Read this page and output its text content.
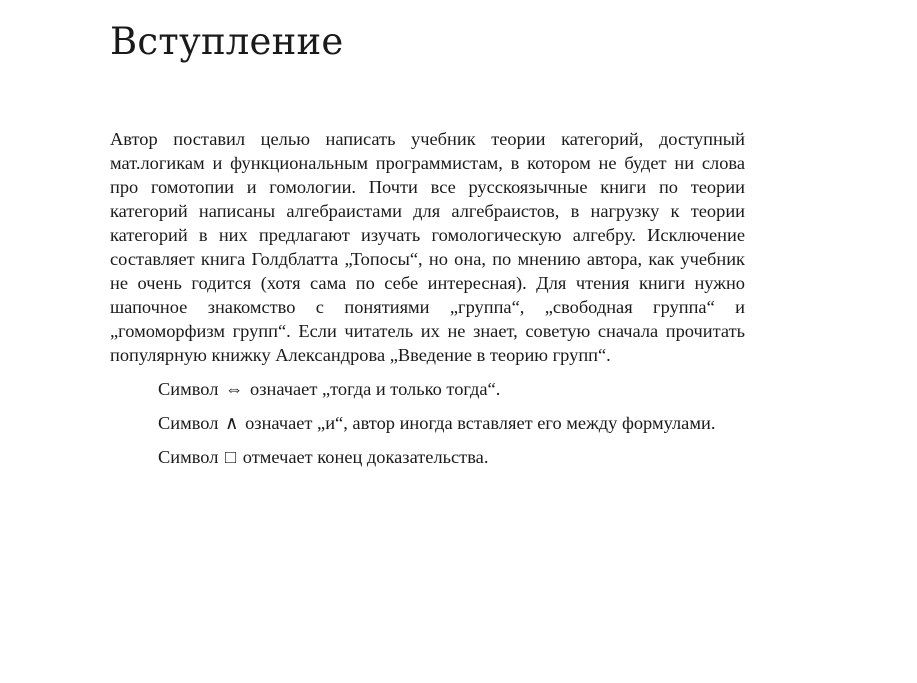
Вступление

Автор поставил целью написать учебник теории категорий, доступный мат.логикам и функциональным программистам, в котором не будет ни слова про гомотопии и гомологии. Почти все русскоязычные книги по теории категорий написаны алгебраистами для алгебраистов, в нагрузку к теории категорий в них предлагают изучать гомологическую алгебру. Исключение составляет книга Голдблатта „Топосы“, но она, по мнению автора, как учебник не очень годится (хотя сама по себе интересная). Для чтения книги нужно шапочное знакомство с понятиями „группа“, „свободная группа“ и „гомоморфизм групп“. Если читатель их не знает, советую сначала прочитать популярную книжку Александрова „Введение в теорию групп“.

Символ ⇔ означает „тогда и только тогда“.

Символ ∧ означает „и“, автор иногда вставляет его между формулами.

Символ □ отмечает конец доказательства.
